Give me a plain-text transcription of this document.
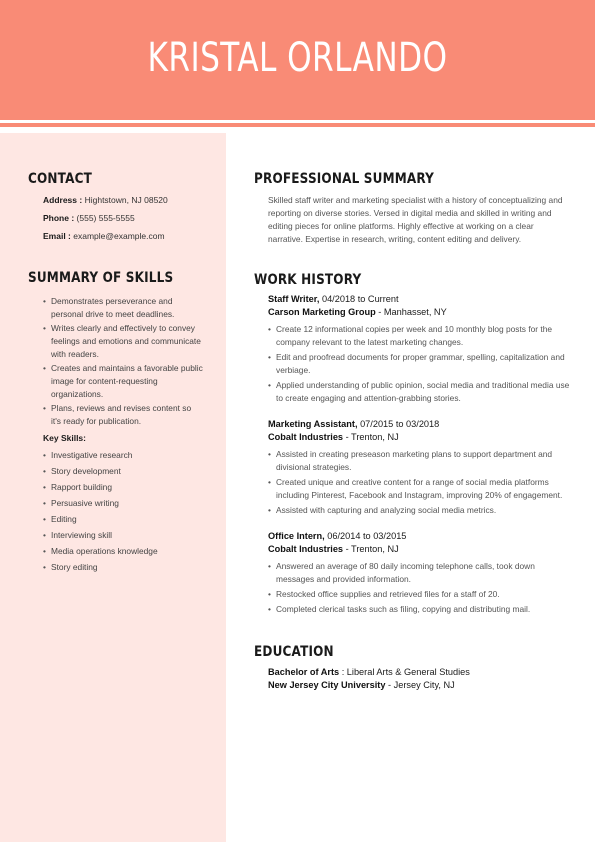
KRISTAL ORLANDO
CONTACT
Address : Hightstown, NJ 08520
Phone : (555) 555-5555
Email : example@example.com
SUMMARY OF SKILLS
• Demonstrates perseverance and personal drive to meet deadlines.
• Writes clearly and effectively to convey feelings and emotions and communicate with readers.
• Creates and maintains a favorable public image for content-requesting organizations.
• Plans, reviews and revises content so it's ready for publication.
Key Skills:
• Investigative research
• Story development
• Rapport building
• Persuasive writing
• Editing
• Interviewing skill
• Media operations knowledge
• Story editing
PROFESSIONAL SUMMARY
Skilled staff writer and marketing specialist with a history of conceptualizing and reporting on diverse stories. Versed in digital media and skilled in writing and editing pieces for online platforms. Highly effective at working on a clear narrative. Expertise in research, writing, content editing and delivery.
WORK HISTORY
Staff Writer, 04/2018 to Current
Carson Marketing Group - Manhasset, NY
• Create 12 informational copies per week and 10 monthly blog posts for the company relevant to the latest marketing changes.
• Edit and proofread documents for proper grammar, spelling, capitalization and verbiage.
• Applied understanding of public opinion, social media and traditional media use to create engaging and attention-grabbing stories.
Marketing Assistant, 07/2015 to 03/2018
Cobalt Industries - Trenton, NJ
• Assisted in creating preseason marketing plans to support department and divisional strategies.
• Created unique and creative content for a range of social media platforms including Pinterest, Facebook and Instagram, improving 20% of engagement.
• Assisted with capturing and analyzing social media metrics.
Office Intern, 06/2014 to 03/2015
Cobalt Industries - Trenton, NJ
• Answered an average of 80 daily incoming telephone calls, took down messages and provided information.
• Restocked office supplies and retrieved files for a staff of 20.
• Completed clerical tasks such as filing, copying and distributing mail.
EDUCATION
Bachelor of Arts : Liberal Arts & General Studies
New Jersey City University - Jersey City, NJ
